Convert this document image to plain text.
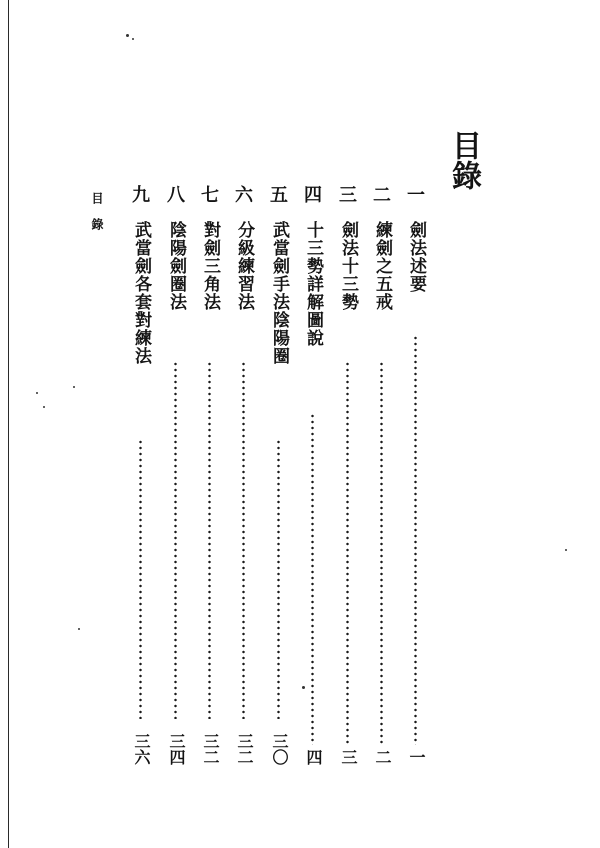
目錄
一
劍法述要
一
二
練劍之五戒
二
三
劍法十三勢
三
四
十三勢詳解圖說
四
五
武當劍手法陰陽圈
三〇
六
分級練習法
三二
七
對劍三角法
三二
八
陰陽劍圈法
三四
九
武當劍各套對練法
三六
目錄
